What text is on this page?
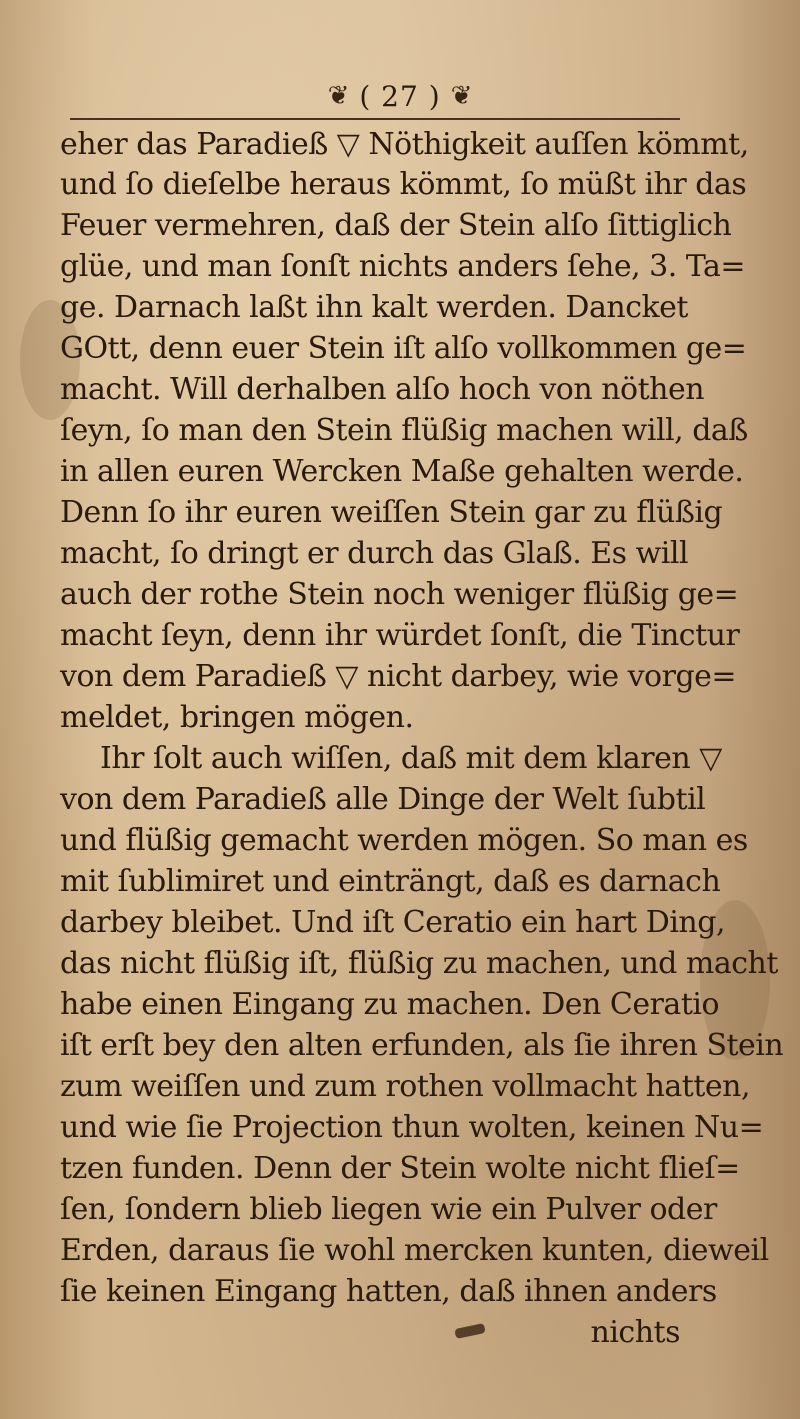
❦ ( 27 ) ❦
eher das Paradieß ▽ Nöthigkeit auſſen kömmt,
und ſo dieſelbe heraus kömmt, ſo müßt ihr das
Feuer vermehren, daß der Stein alſo ſittiglich
glüe, und man ſonſt nichts anders ſehe, 3. Ta=
ge. Darnach laßt ihn kalt werden. Dancket
GOtt, denn euer Stein iſt alſo vollkommen ge=
macht. Will derhalben alſo hoch von nöthen
ſeyn, ſo man den Stein flüßig machen will, daß
in allen euren Wercken Maße gehalten werde.
Denn ſo ihr euren weiſſen Stein gar zu flüßig
macht, ſo dringt er durch das Glaß. Es will
auch der rothe Stein noch weniger flüßig ge=
macht ſeyn, denn ihr würdet ſonſt, die Tinctur
von dem Paradieß ▽ nicht darbey, wie vorge=
meldet, bringen mögen.
Ihr ſolt auch wiſſen, daß mit dem klaren ▽
von dem Paradieß alle Dinge der Welt ſubtil
und flüßig gemacht werden mögen. So man es
mit ſublimiret und einträngt, daß es darnach
darbey bleibet. Und iſt Ceratio ein hart Ding,
das nicht flüßig iſt, flüßig zu machen, und macht
habe einen Eingang zu machen. Den Ceratio
iſt erſt bey den alten erfunden, als ſie ihren Stein
zum weiſſen und zum rothen vollmacht hatten,
und wie ſie Projection thun wolten, keinen Nu=
tzen funden. Denn der Stein wolte nicht flieſ=
ſen, ſondern blieb liegen wie ein Pulver oder
Erden, daraus ſie wohl mercken kunten, dieweil
ſie keinen Eingang hatten, daß ihnen anders
nichts
